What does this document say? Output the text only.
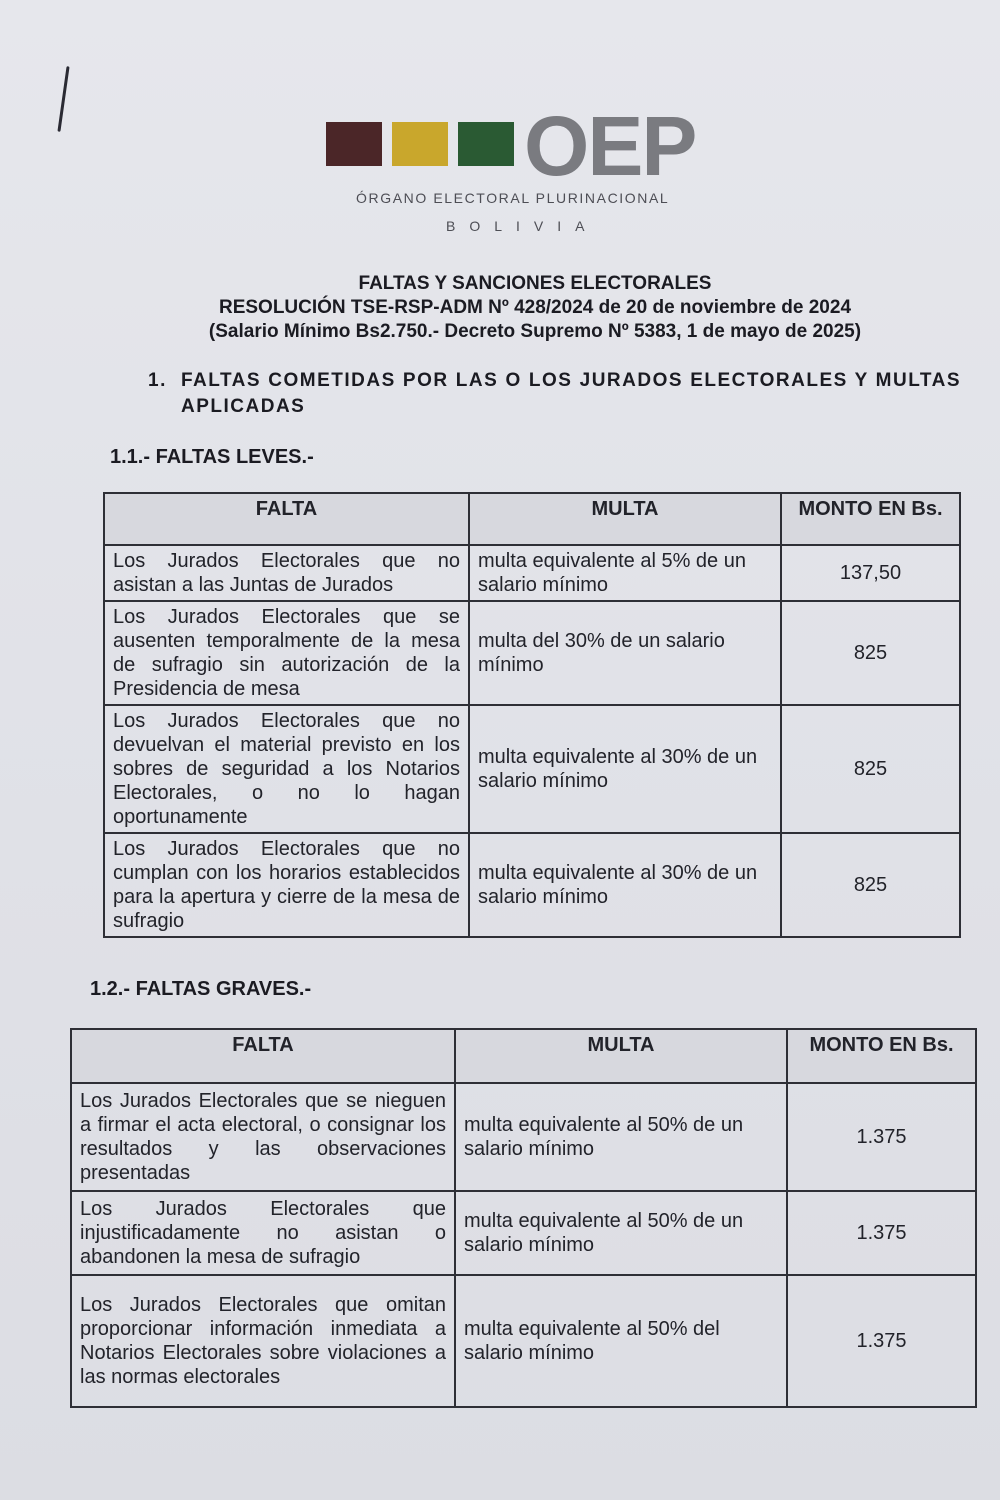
OEP
ÓRGANO ELECTORAL PLURINACIONAL
BOLIVIA
FALTAS Y SANCIONES ELECTORALES
RESOLUCIÓN TSE-RSP-ADM Nº 428/2024 de 20 de noviembre de 2024
(Salario Mínimo Bs2.750.- Decreto Supremo Nº 5383, 1 de mayo de 2025)
1. FALTAS COMETIDAS POR LAS O LOS JURADOS ELECTORALES Y MULTAS APLICADAS
1.1.- FALTAS LEVES.-
FALTA	MULTA	MONTO EN Bs.
Los Jurados Electorales que no asistan a las Juntas de Jurados	multa equivalente al 5% de un salario mínimo	137,50
Los Jurados Electorales que se ausenten temporalmente de la mesa de sufragio sin autorización de la Presidencia de mesa	multa del 30% de un salario mínimo	825
Los Jurados Electorales que no devuelvan el material previsto en los sobres de seguridad a los Notarios Electorales, o no lo hagan oportunamente	multa equivalente al 30% de un salario mínimo	825
Los Jurados Electorales que no cumplan con los horarios establecidos para la apertura y cierre de la mesa de sufragio	multa equivalente al 30% de un salario mínimo	825
1.2.- FALTAS GRAVES.-
FALTA	MULTA	MONTO EN Bs.
Los Jurados Electorales que se nieguen a firmar el acta electoral, o consignar los resultados y las observaciones presentadas	multa equivalente al 50% de un salario mínimo	1.375
Los Jurados Electorales que injustificadamente no asistan o abandonen la mesa de sufragio	multa equivalente al 50% de un salario mínimo	1.375
Los Jurados Electorales que omitan proporcionar información inmediata a Notarios Electorales sobre violaciones a las normas electorales	multa equivalente al 50% del salario mínimo	1.375
